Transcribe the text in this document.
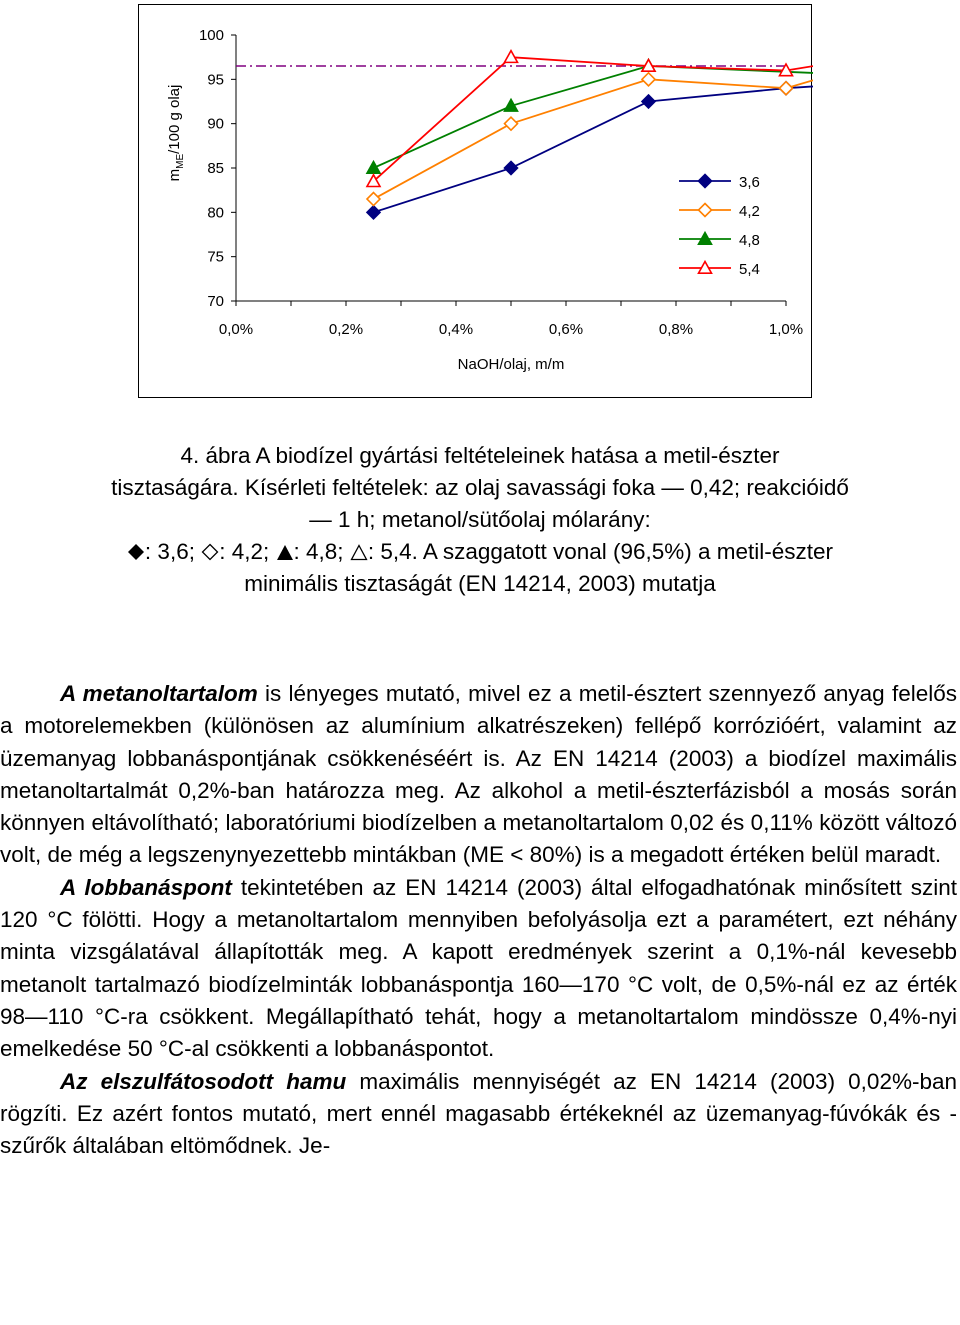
70
75
80
85
90
95
100
0,0%	0,2%	0,4%	0,6%	0,8%	1,0%
3,6
4,2
4,8
5,4
$m_{ME}/100$ g olaj
NaOH/olaj, m/m
4. ábra A biodízel gyártási feltételeinek hatása a metil-észter
tisztaságára. Kísérleti feltételek: az olaj savassági foka — 0,42; reakcióidő
— 1 h; metanol/sütőolaj mólarány:
: 3,6; : 4,2; : 4,8; : 5,4. A szaggatott vonal (96,5%) a metil-észter
minimális tisztaságát (EN 14214, 2003) mutatja

A metanoltartalom is lényeges mutató, mivel ez a metil-észtert szennyező anyag felelős a motorelemekben (különösen az alumínium alkatrészeken) fellépő korrózióért, valamint az üzemanyag lobbanáspontjának csökkenéséért is. Az EN 14214 (2003) a biodízel maximális metanoltartalmát 0,2%-ban határozza meg. Az alkohol a metil-észterfázisból a mosás során könnyen eltávolítható; laboratóriumi biodízelben a metanoltartalom 0,02 és 0,11% között változó volt, de még a legszenynyezettebb mintákban (ME < 80%) is a megadott értéken belül maradt.

A lobbanáspont tekintetében az EN 14214 (2003) által elfogadhatónak minősített szint 120 °C fölötti. Hogy a metanoltartalom mennyiben befolyásolja ezt a paramétert, ezt néhány minta vizsgálatával állapították meg. A kapott eredmények szerint a 0,1%-nál kevesebb metanolt tartalmazó biodízelminták lobbanáspontja 160—170 °C volt, de 0,5%-nál ez az érték 98—110 °C-ra csökkent. Megállapítható tehát, hogy a metanoltartalom mindössze 0,4%-nyi emelkedése 50 °C-al csökkenti a lobbanáspontot.

Az elszulfátosodott hamu maximális mennyiségét az EN 14214 (2003) 0,02%-ban rögzíti. Ez azért fontos mutató, mert ennél magasabb értékeknél az üzemanyag-fúvókák és -szűrők általában eltömődnek. Je-
